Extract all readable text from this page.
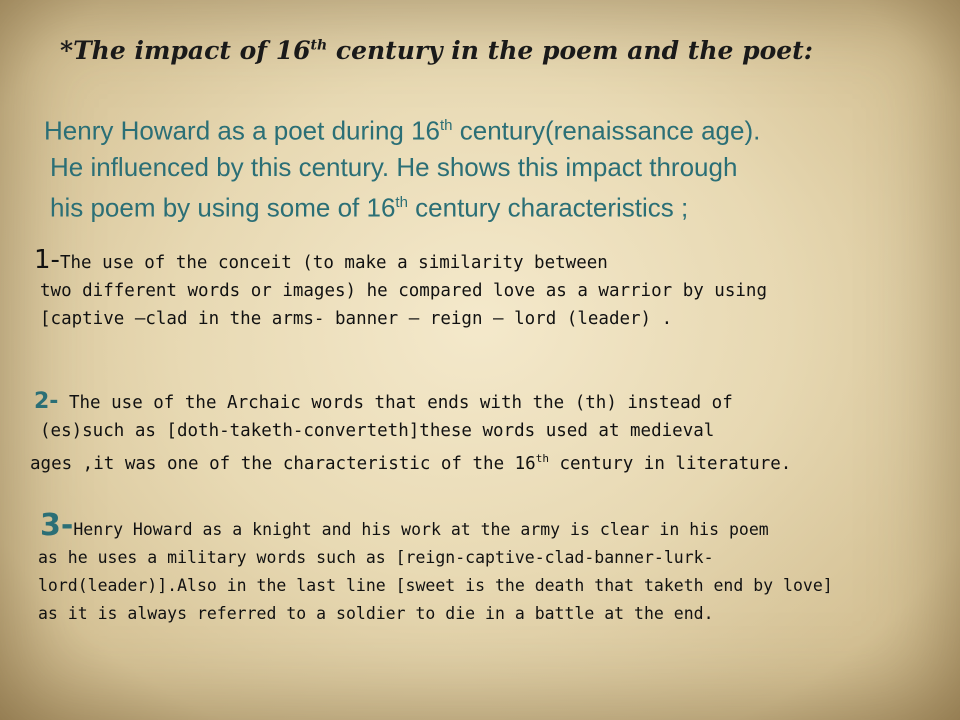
*The impact of 16th century in the poem and the poet:
Henry Howard as a poet during 16th century(renaissance age).
He influenced by this century. He shows this impact through
his poem by using some of 16th century characteristics ;
1-The use of the conceit (to make a similarity between
two different words or images) he compared love as a warrior by using
[captive –clad in the arms- banner – reign – lord (leader) .
2- The use of the Archaic words that ends with the (th) instead of
(es)such as [doth-taketh-converteth]these words used at medieval
ages ,it was one of the characteristic of the 16th century in literature.
3-Henry Howard as a knight and his work at the army is clear in his poem
as he uses a military words such as [reign-captive-clad-banner-lurk-
lord(leader)].Also in the last line [sweet is the death that taketh end by love]
as it is always referred to a soldier to die in a battle at the end.
